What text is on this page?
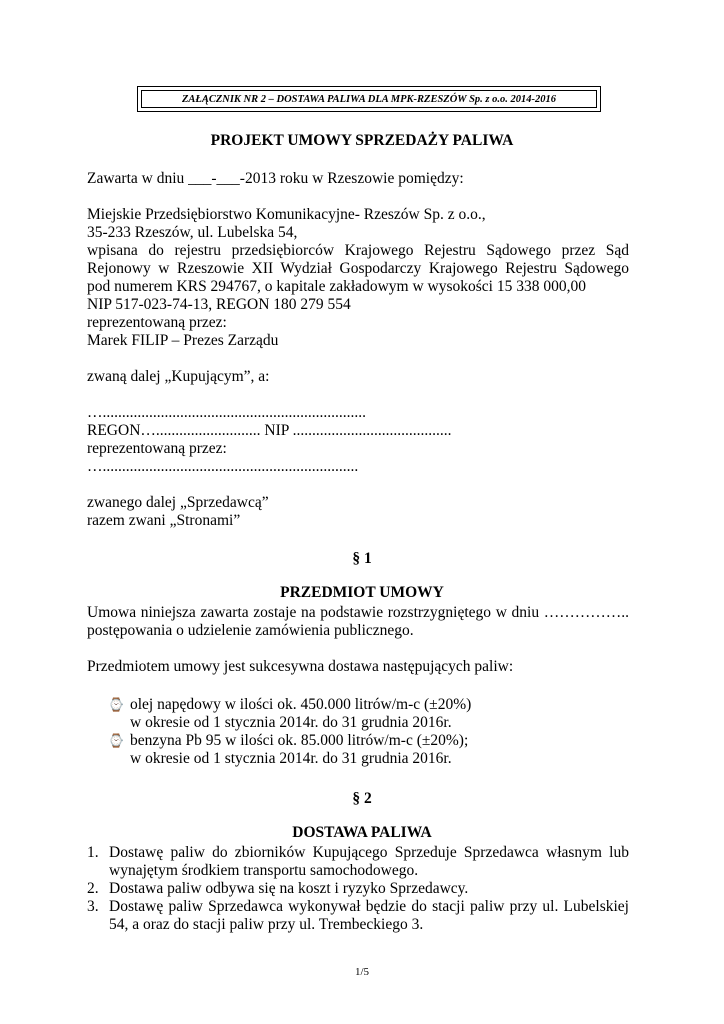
ZAŁĄCZNIK NR 2 – DOSTAWA PALIWA DLA MPK-RZESZÓW Sp. z o.o. 2014-2016
PROJEKT UMOWY SPRZEDAŻY PALIWA
Zawarta w dniu ___-___-2013 roku w Rzeszowie pomiędzy:
Miejskie Przedsiębiorstwo Komunikacyjne- Rzeszów Sp. z o.o.,
35-233 Rzeszów, ul. Lubelska 54,
wpisana do rejestru przedsiębiorców Krajowego Rejestru Sądowego przez Sąd
Rejonowy w Rzeszowie XII Wydział Gospodarczy Krajowego Rejestru Sądowego
pod numerem KRS 294767, o kapitale zakładowym w wysokości 15 338 000,00
NIP 517-023-74-13, REGON 180 279 554
reprezentowaną przez:
Marek FILIP – Prezes Zarządu
zwaną dalej „Kupującym”, a:
…....................................................................
REGON…........................... NIP .........................................
reprezentowaną przez:
…..................................................................
zwanego dalej „Sprzedawcą”
razem zwani „Stronami”
§ 1
PRZEDMIOT UMOWY
Umowa niniejsza zawarta zostaje na podstawie rozstrzygniętego w dniu ……………..
postępowania o udzielenie zamówienia publicznego.
Przedmiotem umowy jest sukcesywna dostawa następujących paliw:
⌚ olej napędowy w ilości ok. 450.000 litrów/m-c (±20%)
w okresie od 1 stycznia 2014r. do 31 grudnia 2016r.
⌚ benzyna Pb 95 w ilości ok. 85.000 litrów/m-c (±20%);
w okresie od 1 stycznia 2014r. do 31 grudnia 2016r.
§ 2
DOSTAWA PALIWA
1. Dostawę paliw do zbiorników Kupującego Sprzeduje Sprzedawca własnym lub
wynajętym środkiem transportu samochodowego.
2. Dostawa paliw odbywa się na koszt i ryzyko Sprzedawcy.
3. Dostawę paliw Sprzedawca wykonywał będzie do stacji paliw przy ul. Lubelskiej
54, a oraz do stacji paliw przy ul. Trembeckiego 3.
1/5
